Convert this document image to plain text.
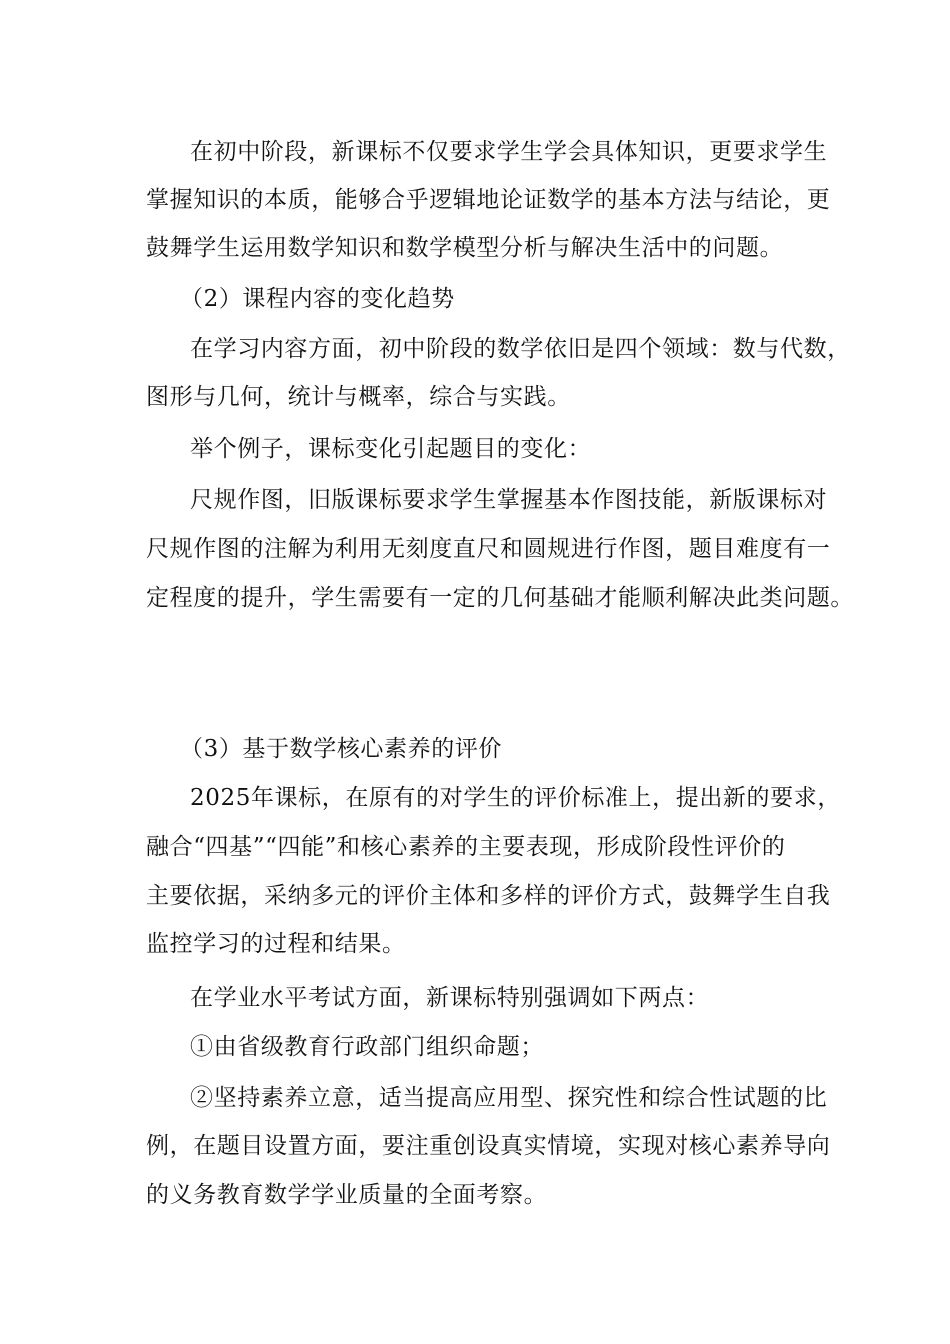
在初中阶段，新课标不仅要求学生学会具体知识，更要求学生
掌握知识的本质，能够合乎逻辑地论证数学的基本方法与结论，更
鼓舞学生运用数学知识和数学模型分析与解决生活中的问题。
（2）课程内容的变化趋势
在学习内容方面，初中阶段的数学依旧是四个领域：数与代数，
图形与几何，统计与概率，综合与实践。
举个例子，课标变化引起题目的变化：
尺规作图，旧版课标要求学生掌握基本作图技能，新版课标对
尺规作图的注解为利用无刻度直尺和圆规进行作图，题目难度有一
定程度的提升，学生需要有一定的几何基础才能顺利解决此类问题。
（3）基于数学核心素养的评价
2025年课标，在原有的对学生的评价标准上，提出新的要求，
融合“四基”“四能”和核心素养的主要表现，形成阶段性评价的
主要依据，采纳多元的评价主体和多样的评价方式，鼓舞学生自我
监控学习的过程和结果。
在学业水平考试方面，新课标特别强调如下两点：
①由省级教育行政部门组织命题；
②坚持素养立意，适当提高应用型、探究性和综合性试题的比
例，在题目设置方面，要注重创设真实情境，实现对核心素养导向
的义务教育数学学业质量的全面考察。
